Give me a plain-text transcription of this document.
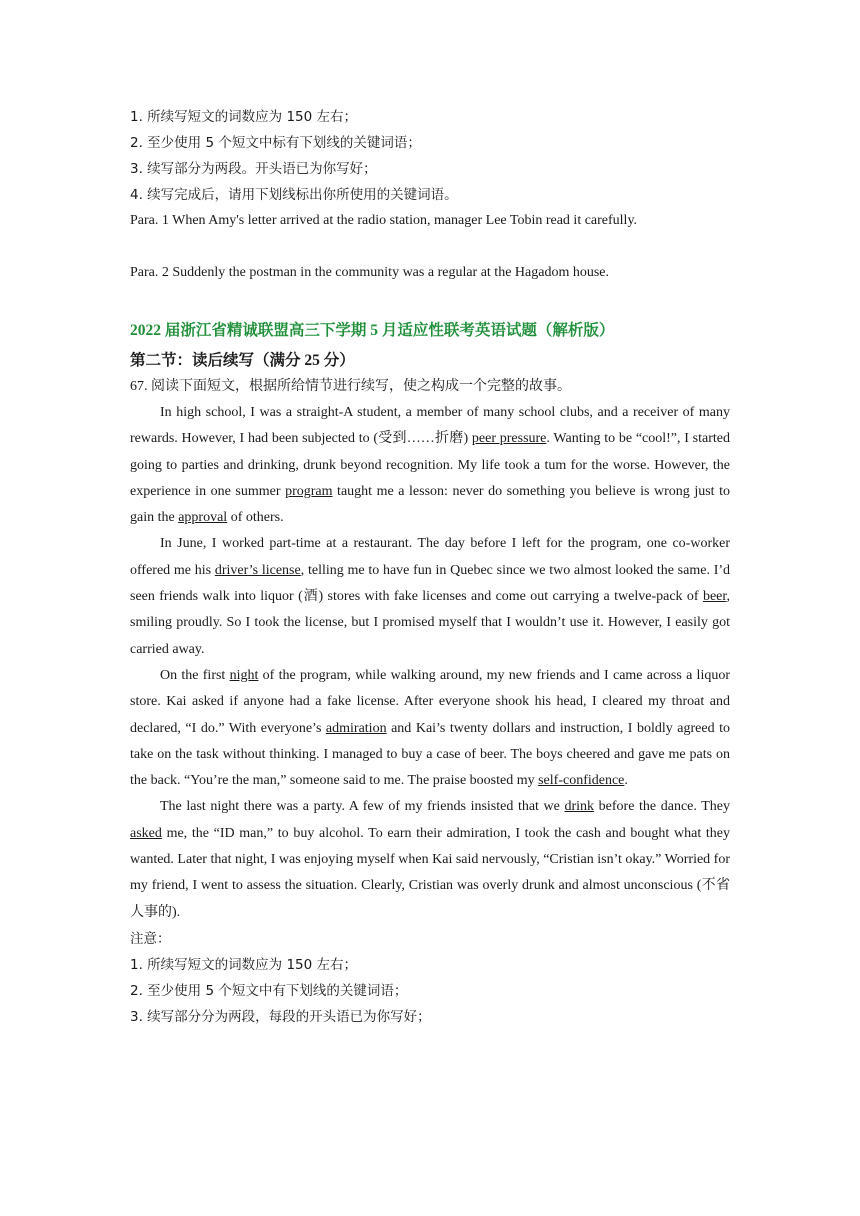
1. 所续写短文的词数应为 150 左右；

2. 至少使用 5 个短文中标有下划线的关键词语；

3. 续写部分为两段。开头语已为你写好；

4. 续写完成后，请用下划线标出你所使用的关键词语。

Para. 1 When Amy's letter arrived at the radio station, manager Lee Tobin read it carefully.

Para. 2 Suddenly the postman in the community was a regular at the Hagadom house.

2022 届浙江省精诚联盟高三下学期 5 月适应性联考英语试题（解析版）
第二节：读后续写（满分 25 分）

67. 阅读下面短文，根据所给情节进行续写，使之构成一个完整的故事。

In high school, I was a straight-A student, a member of many school clubs, and a receiver of many rewards. However, I had been subjected to (受到……折磨) peer pressure. Wanting to be “cool!”, I started going to parties and drinking, drunk beyond recognition. My life took a tum for the worse. However, the experience in one summer program taught me a lesson: never do something you believe is wrong just to gain the approval of others.

In June, I worked part-time at a restaurant. The day before I left for the program, one co-worker offered me his driver’s license, telling me to have fun in Quebec since we two almost looked the same. I’d seen friends walk into liquor (酒) stores with fake licenses and come out carrying a twelve-pack of beer, smiling proudly. So I took the license, but I promised myself that I wouldn’t use it. However, I easily got carried away.

On the first night of the program, while walking around, my new friends and I came across a liquor store. Kai asked if anyone had a fake license. After everyone shook his head, I cleared my throat and declared, “I do.” With everyone’s admiration and Kai’s twenty dollars and instruction, I boldly agreed to take on the task without thinking. I managed to buy a case of beer. The boys cheered and gave me pats on the back. “You’re the man,” someone said to me. The praise boosted my self-confidence.

The last night there was a party. A few of my friends insisted that we drink before the dance. They asked me, the “ID man,” to buy alcohol. To earn their admiration, I took the cash and bought what they wanted. Later that night, I was enjoying myself when Kai said nervously, “Cristian isn’t okay.” Worried for my friend, I went to assess the situation. Clearly, Cristian was overly drunk and almost unconscious (不省人事的).

注意：

1. 所续写短文的词数应为 150 左右；

2. 至少使用 5 个短文中有下划线的关键词语；

3. 续写部分分为两段，每段的开头语已为你写好；
